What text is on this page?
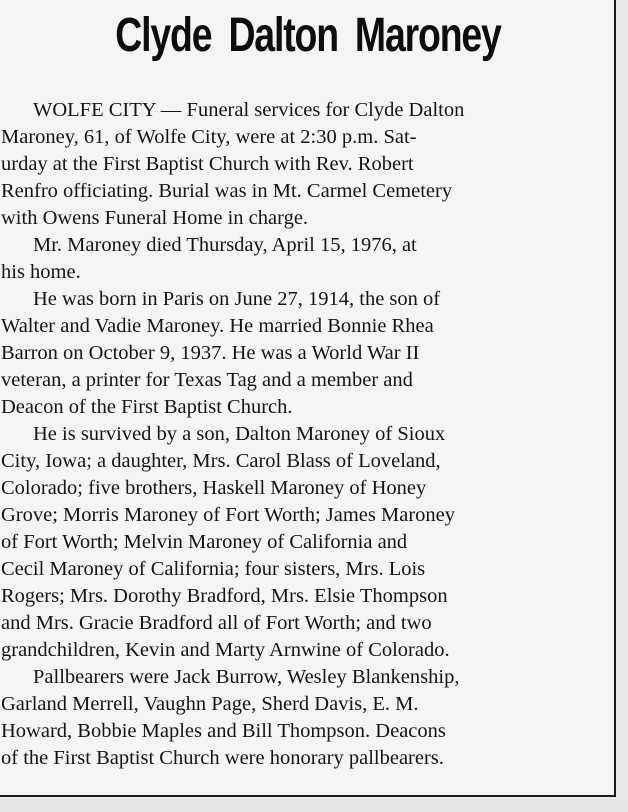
Clyde Dalton Maroney
WOLFE CITY — Funeral services for Clyde Dalton
Maroney, 61, of Wolfe City, were at 2:30 p.m. Sat-
urday at the First Baptist Church with Rev. Robert
Renfro officiating. Burial was in Mt. Carmel Cemetery
with Owens Funeral Home in charge.
Mr. Maroney died Thursday, April 15, 1976, at
his home.
He was born in Paris on June 27, 1914, the son of
Walter and Vadie Maroney. He married Bonnie Rhea
Barron on October 9, 1937. He was a World War II
veteran, a printer for Texas Tag and a member and
Deacon of the First Baptist Church.
He is survived by a son, Dalton Maroney of Sioux
City, Iowa; a daughter, Mrs. Carol Blass of Loveland,
Colorado; five brothers, Haskell Maroney of Honey
Grove; Morris Maroney of Fort Worth; James Maroney
of Fort Worth; Melvin Maroney of California and
Cecil Maroney of California; four sisters, Mrs. Lois
Rogers; Mrs. Dorothy Bradford, Mrs. Elsie Thompson
and Mrs. Gracie Bradford all of Fort Worth; and two
grandchildren, Kevin and Marty Arnwine of Colorado.
Pallbearers were Jack Burrow, Wesley Blankenship,
Garland Merrell, Vaughn Page, Sherd Davis, E. M.
Howard, Bobbie Maples and Bill Thompson. Deacons
of the First Baptist Church were honorary pallbearers.
